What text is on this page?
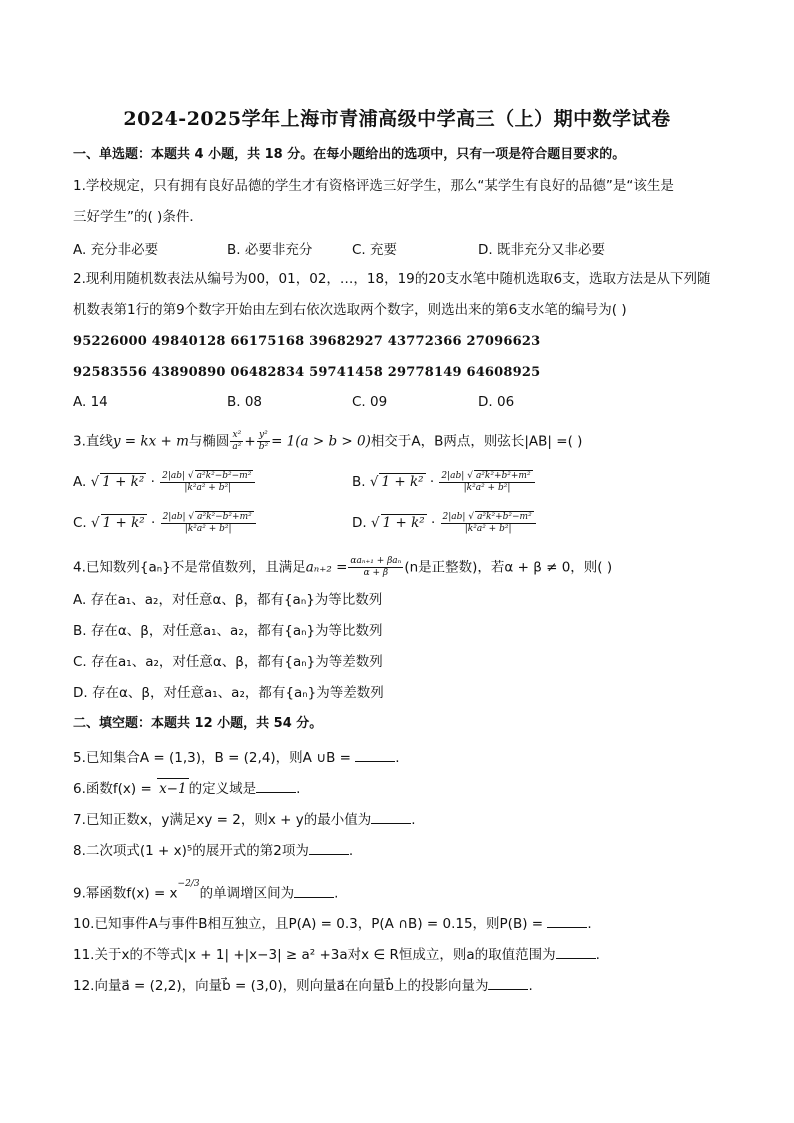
2024-2025学年上海市青浦高级中学高三（上）期中数学试卷
一、单选题：本题共 4 小题，共 18 分。在每小题给出的选项中，只有一项是符合题目要求的。
1.学校规定，只有拥有良好品德的学生才有资格评选三好学生，那么“某学生有良好的品德”是“该生是
三好学生”的( )条件．
A. 充分非必要	B. 必要非充分	C. 充要	D. 既非充分又非必要
2.现利用随机数表法从编号为00，01，02，…，18，19的20支水笔中随机选取6支，选取方法是从下列随
机数表第1行的第9个数字开始由左到右依次选取两个数字，则选出来的第6支水笔的编号为( )
95226000 49840128 66175168 39682927 43772366 27096623
92583556 43890890 06482834 59741458 29778149 64608925
A. 14	B. 08	C. 09	D. 06
3.直线y = kx + m与椭圆 $\frac{\text{x²}}{\text{a²}} + \frac{\text{y²}}{\text{b²}} = 1(a > b > 0)$相交于A，B两点，则弦长|AB| =( )
A. √ $1 + k^2 \cdot \frac{\text{2|ab| √ a²k²−b²−m²}}{\text{|k²a² + b²|}}$	B. √ $1 + k^2 \cdot \frac{\text{2|ab| √ a²k²+b²+m²}}{\text{|k²a² + b²|}}$
C. √ $1 + k^2 \cdot \frac{\text{2|ab| √ a²k²−b²+m²}}{\text{|k²a² + b²|}}$	D. √ $1 + k^2 \cdot \frac{\text{2|ab| √ a²k²+b²−m²}}{\text{|k²a² + b²|}}$
4.已知数列{aₙ}不是常值数列，且满足$a_{n+2} = \frac{\text{αaₙ₊₁ + βaₙ}}{\alpha + \beta} (n$是正整数)，若α + β ≠ 0，则( )
A. 存在a₁、a₂，对任意α、β，都有{aₙ}为等比数列
B. 存在α、β，对任意a₁、a₂，都有{aₙ}为等比数列
C. 存在a₁、a₂，对任意α、β，都有{aₙ}为等差数列
D. 存在α、β，对任意a₁、a₂，都有{aₙ}为等差数列
二、填空题：本题共 12 小题，共 54 分。
5.已知集合A = (1,3)，B = (2,4)，则A ∪B =	.
6.函数f(x) = x−1 的定义域是	.
7.已知正数x，y满足xy = 2，则x + y的最小值为	.
8.二次项式(1 + x)⁵的展开式的第2项为	.
9.幂函数$f(x) = x^{-2/3}$的单调增区间为	.
10.已知事件A与事件B相互独立，且P(A) = 0.3，P(A ∩B) = 0.15，则P(B) =	.
11.关于x的不等式|x + 1| +|x−3| ≥ a² +3a对x ∈ R恒成立，则a的取值范围为	.
12.向量a⃗ = (2,2)，向量b⃗ = (3,0)，则向量a⃗在向量b⃗上的投影向量为	.
